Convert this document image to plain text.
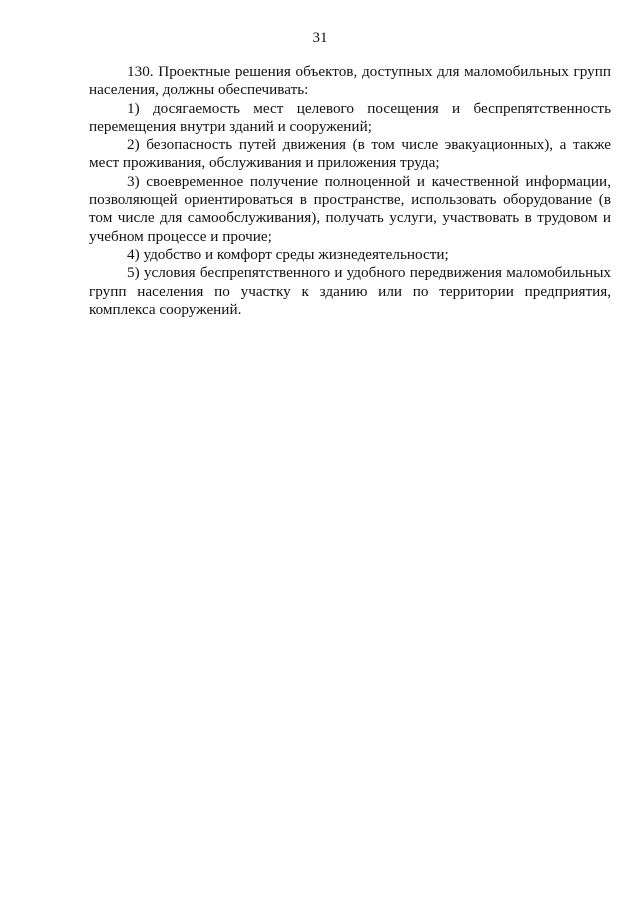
31

130. Проектные решения объектов, доступных для маломобильных групп населения, должны обеспечивать:

1) досягаемость мест целевого посещения и беспрепятственность перемещения внутри зданий и сооружений;

2) безопасность путей движения (в том числе эвакуационных), а также мест проживания, обслуживания и приложения труда;

3) своевременное получение полноценной и качественной информации, позволяющей ориентироваться в пространстве, использовать оборудование (в том числе для самообслуживания), получать услуги, участвовать в трудовом и учебном процессе и прочие;

4) удобство и комфорт среды жизнедеятельности;

5) условия беспрепятственного и удобного передвижения маломобильных групп населения по участку к зданию или по территории предприятия, комплекса сооружений.
